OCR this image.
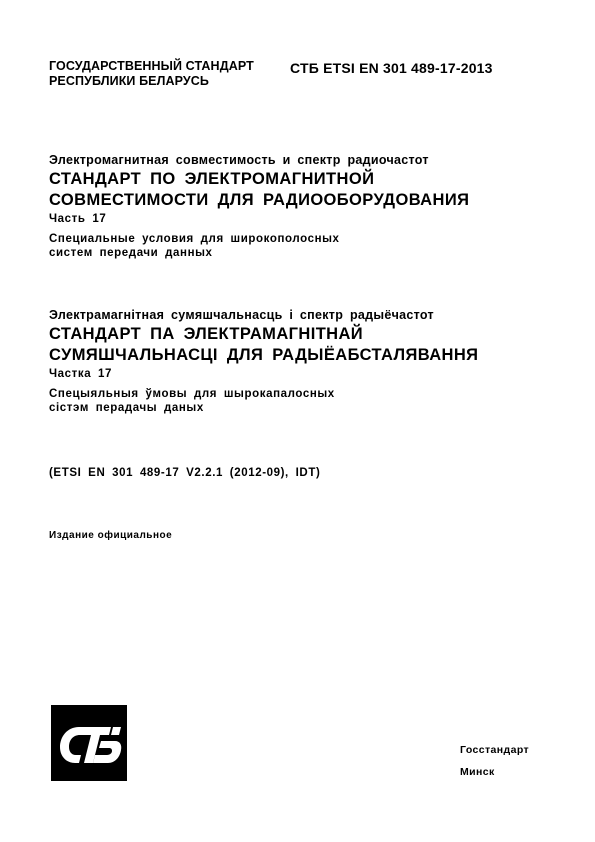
ГОСУДАРСТВЕННЫЙ СТАНДАРТ
РЕСПУБЛИКИ БЕЛАРУСЬ
СТБ ETSI EN 301 489-17-2013
Электромагнитная совместимость и спектр радиочастот
СТАНДАРТ ПО ЭЛЕКТРОМАГНИТНОЙ
СОВМЕСТИМОСТИ ДЛЯ РАДИООБОРУДОВАНИЯ
Часть 17
Специальные условия для широкополосных
систем передачи данных
Электрамагнітная сумяшчальнасць і спектр радыёчастот
СТАНДАРТ ПА ЭЛЕКТРАМАГНІТНАЙ
СУМЯШЧАЛЬНАСЦІ ДЛЯ РАДЫЁАБСТАЛЯВАННЯ
Частка 17
Спецыяльныя ўмовы для шырокапалосных
сістэм перадачы даных
(ETSI EN 301 489-17 V2.2.1 (2012-09), IDT)
Издание официальное
Госстандарт
Минск
